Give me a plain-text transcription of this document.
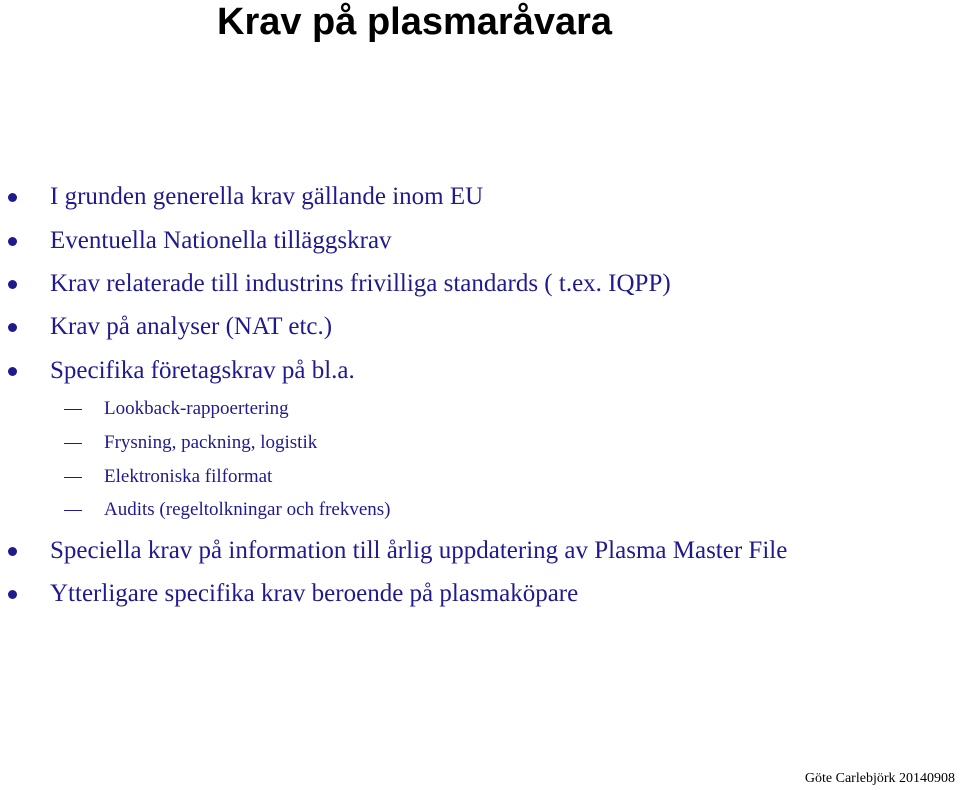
Krav på plasmaråvara
I grunden generella krav gällande inom EU
Eventuella Nationella tilläggskrav
Krav relaterade till industrins frivilliga standards ( t.ex. IQPP)
Krav på analyser (NAT etc.)
Specifika företagskrav på bl.a.
Lookback-rappoertering
Frysning, packning, logistik
Elektroniska filformat
Audits (regeltolkningar och frekvens)
Speciella krav på information till årlig uppdatering av Plasma Master File
Ytterligare specifika krav beroende på plasmaköpare
Göte Carlebjörk 20140908
